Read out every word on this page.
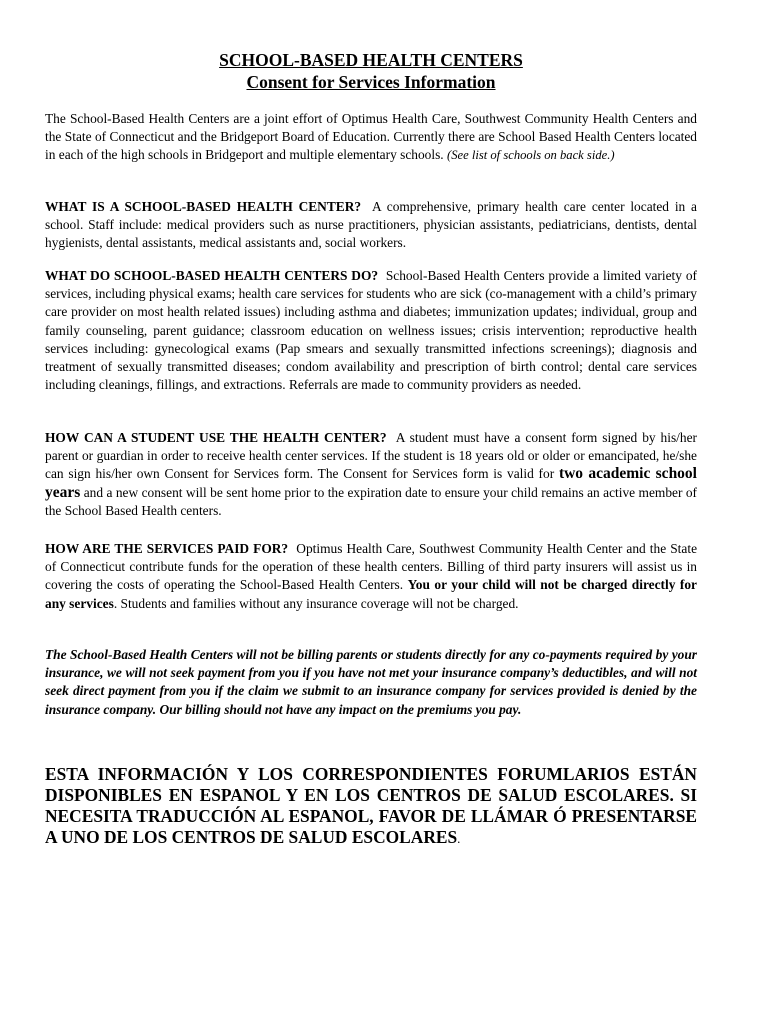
SCHOOL-BASED HEALTH CENTERS
Consent for Services Information

The School-Based Health Centers are a joint effort of Optimus Health Care, Southwest Community Health Centers and the State of Connecticut and the Bridgeport Board of Education. Currently there are School Based Health Centers located in each of the high schools in Bridgeport and multiple elementary schools. (See list of schools on back side.)

WHAT IS A SCHOOL-BASED HEALTH CENTER? A comprehensive, primary health care center located in a school. Staff include: medical providers such as nurse practitioners, physician assistants, pediatricians, dentists, dental hygienists, dental assistants, medical assistants and, social workers.

WHAT DO SCHOOL-BASED HEALTH CENTERS DO? School-Based Health Centers provide a limited variety of services, including physical exams; health care services for students who are sick (co-management with a child’s primary care provider on most health related issues) including asthma and diabetes; immunization updates; individual, group and family counseling, parent guidance; classroom education on wellness issues; crisis intervention; reproductive health services including: gynecological exams (Pap smears and sexually transmitted infections screenings); diagnosis and treatment of sexually transmitted diseases; condom availability and prescription of birth control; dental care services including cleanings, fillings, and extractions. Referrals are made to community providers as needed.

HOW CAN A STUDENT USE THE HEALTH CENTER? A student must have a consent form signed by his/her parent or guardian in order to receive health center services. If the student is 18 years old or older or emancipated, he/she can sign his/her own Consent for Services form. The Consent for Services form is valid for two academic school years and a new consent will be sent home prior to the expiration date to ensure your child remains an active member of the School Based Health centers.

HOW ARE THE SERVICES PAID FOR? Optimus Health Care, Southwest Community Health Center and the State of Connecticut contribute funds for the operation of these health centers. Billing of third party insurers will assist us in covering the costs of operating the School-Based Health Centers. You or your child will not be charged directly for any services. Students and families without any insurance coverage will not be charged.

The School-Based Health Centers will not be billing parents or students directly for any co-payments required by your insurance, we will not seek payment from you if you have not met your insurance company’s deductibles, and will not seek direct payment from you if the claim we submit to an insurance company for services provided is denied by the insurance company. Our billing should not have any impact on the premiums you pay.

ESTA INFORMACIÓN Y LOS CORRESPONDIENTES FORUMLARIOS ESTÁN DISPONIBLES EN ESPANOL Y EN LOS CENTROS DE SALUD ESCOLARES. SI NECESITA TRADUCCIÓN AL ESPANOL, FAVOR DE LLÁMAR Ó PRESENTARSE A UNO DE LOS CENTROS DE SALUD ESCOLARES.
